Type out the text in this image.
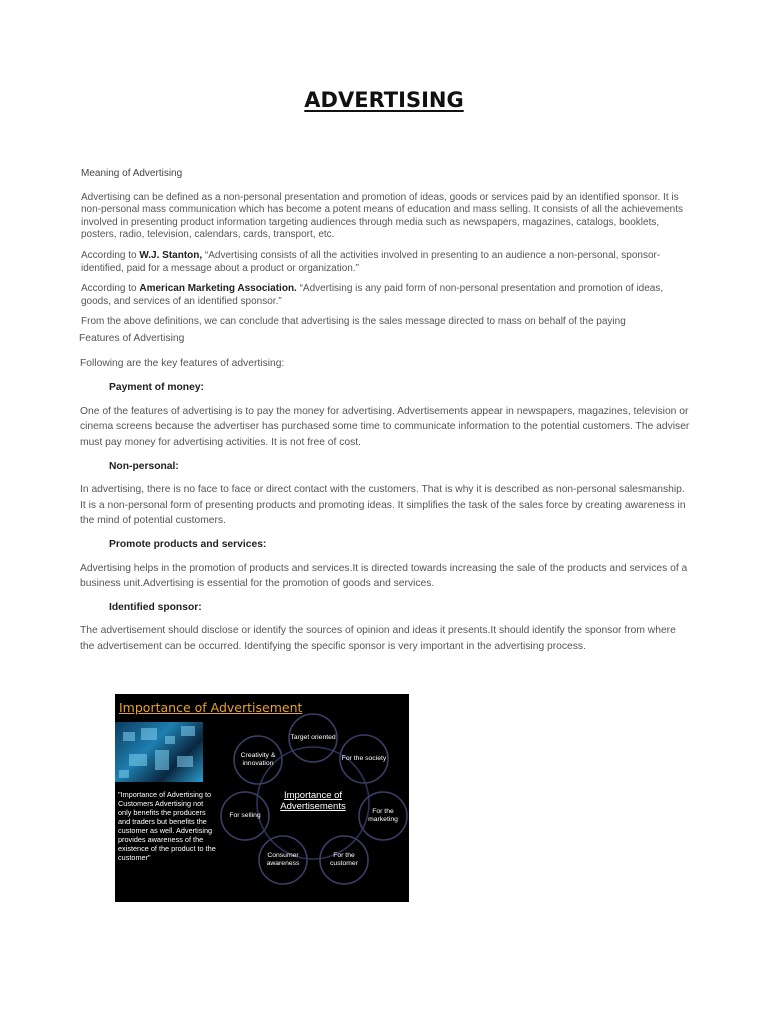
ADVERTISING

Meaning of Advertising

Advertising can be defined as a non-personal presentation and promotion of ideas, goods or services paid by an identified sponsor. It is non-personal mass communication which has become a potent means of education and mass selling. It consists of all the achievements involved in presenting product information targeting audiences through media such as newspapers, magazines, catalogs, booklets, posters, radio, television, calendars, cards, transport, etc.

According to W.J. Stanton, “Advertising consists of all the activities involved in presenting to an audience a non-personal, sponsor-identified, paid for a message about a product or organization.”

According to American Marketing Association. “Advertising is any paid form of non-personal presentation and promotion of ideas, goods, and services of an identified sponsor.”

From the above definitions, we can conclude that advertising is the sales message directed to mass on behalf of the paying

Features of Advertising

Following are the key features of advertising:

Payment of money:

One of the features of advertising is to pay the money for advertising. Advertisements appear in newspapers, magazines, television or cinema screens because the advertiser has purchased some time to communicate information to the potential customers. The adviser must pay money for advertising activities. It is not free of cost.

Non-personal:

In advertising, there is no face to face or direct contact with the customers. That is why it is described as non-personal salesmanship. It is a non-personal form of presenting products and promoting ideas. It simplifies the task of the sales force by creating awareness in the mind of potential customers.

Promote products and services:

Advertising helps in the promotion of products and services.It is directed towards increasing the sale of the products and services of a business unit.Advertising is essential for the promotion of goods and services.

Identified sponsor:

The advertisement should disclose or identify the sources of opinion and ideas it presents.It should identify the sponsor from where the advertisement can be occurred. Identifying the specific sponsor is very important in the advertising process.

Importance of Advertisement
"Importance of Advertising to Customers Advertising not only benefits the producers and traders but benefits the customer as well. Advertising provides awareness of the existence of the product to the customer"
Importance of Advertisements
Target oriented
For the society
For the marketing
For the customer
Consumer awareness
For selling
Creativity & innovation
